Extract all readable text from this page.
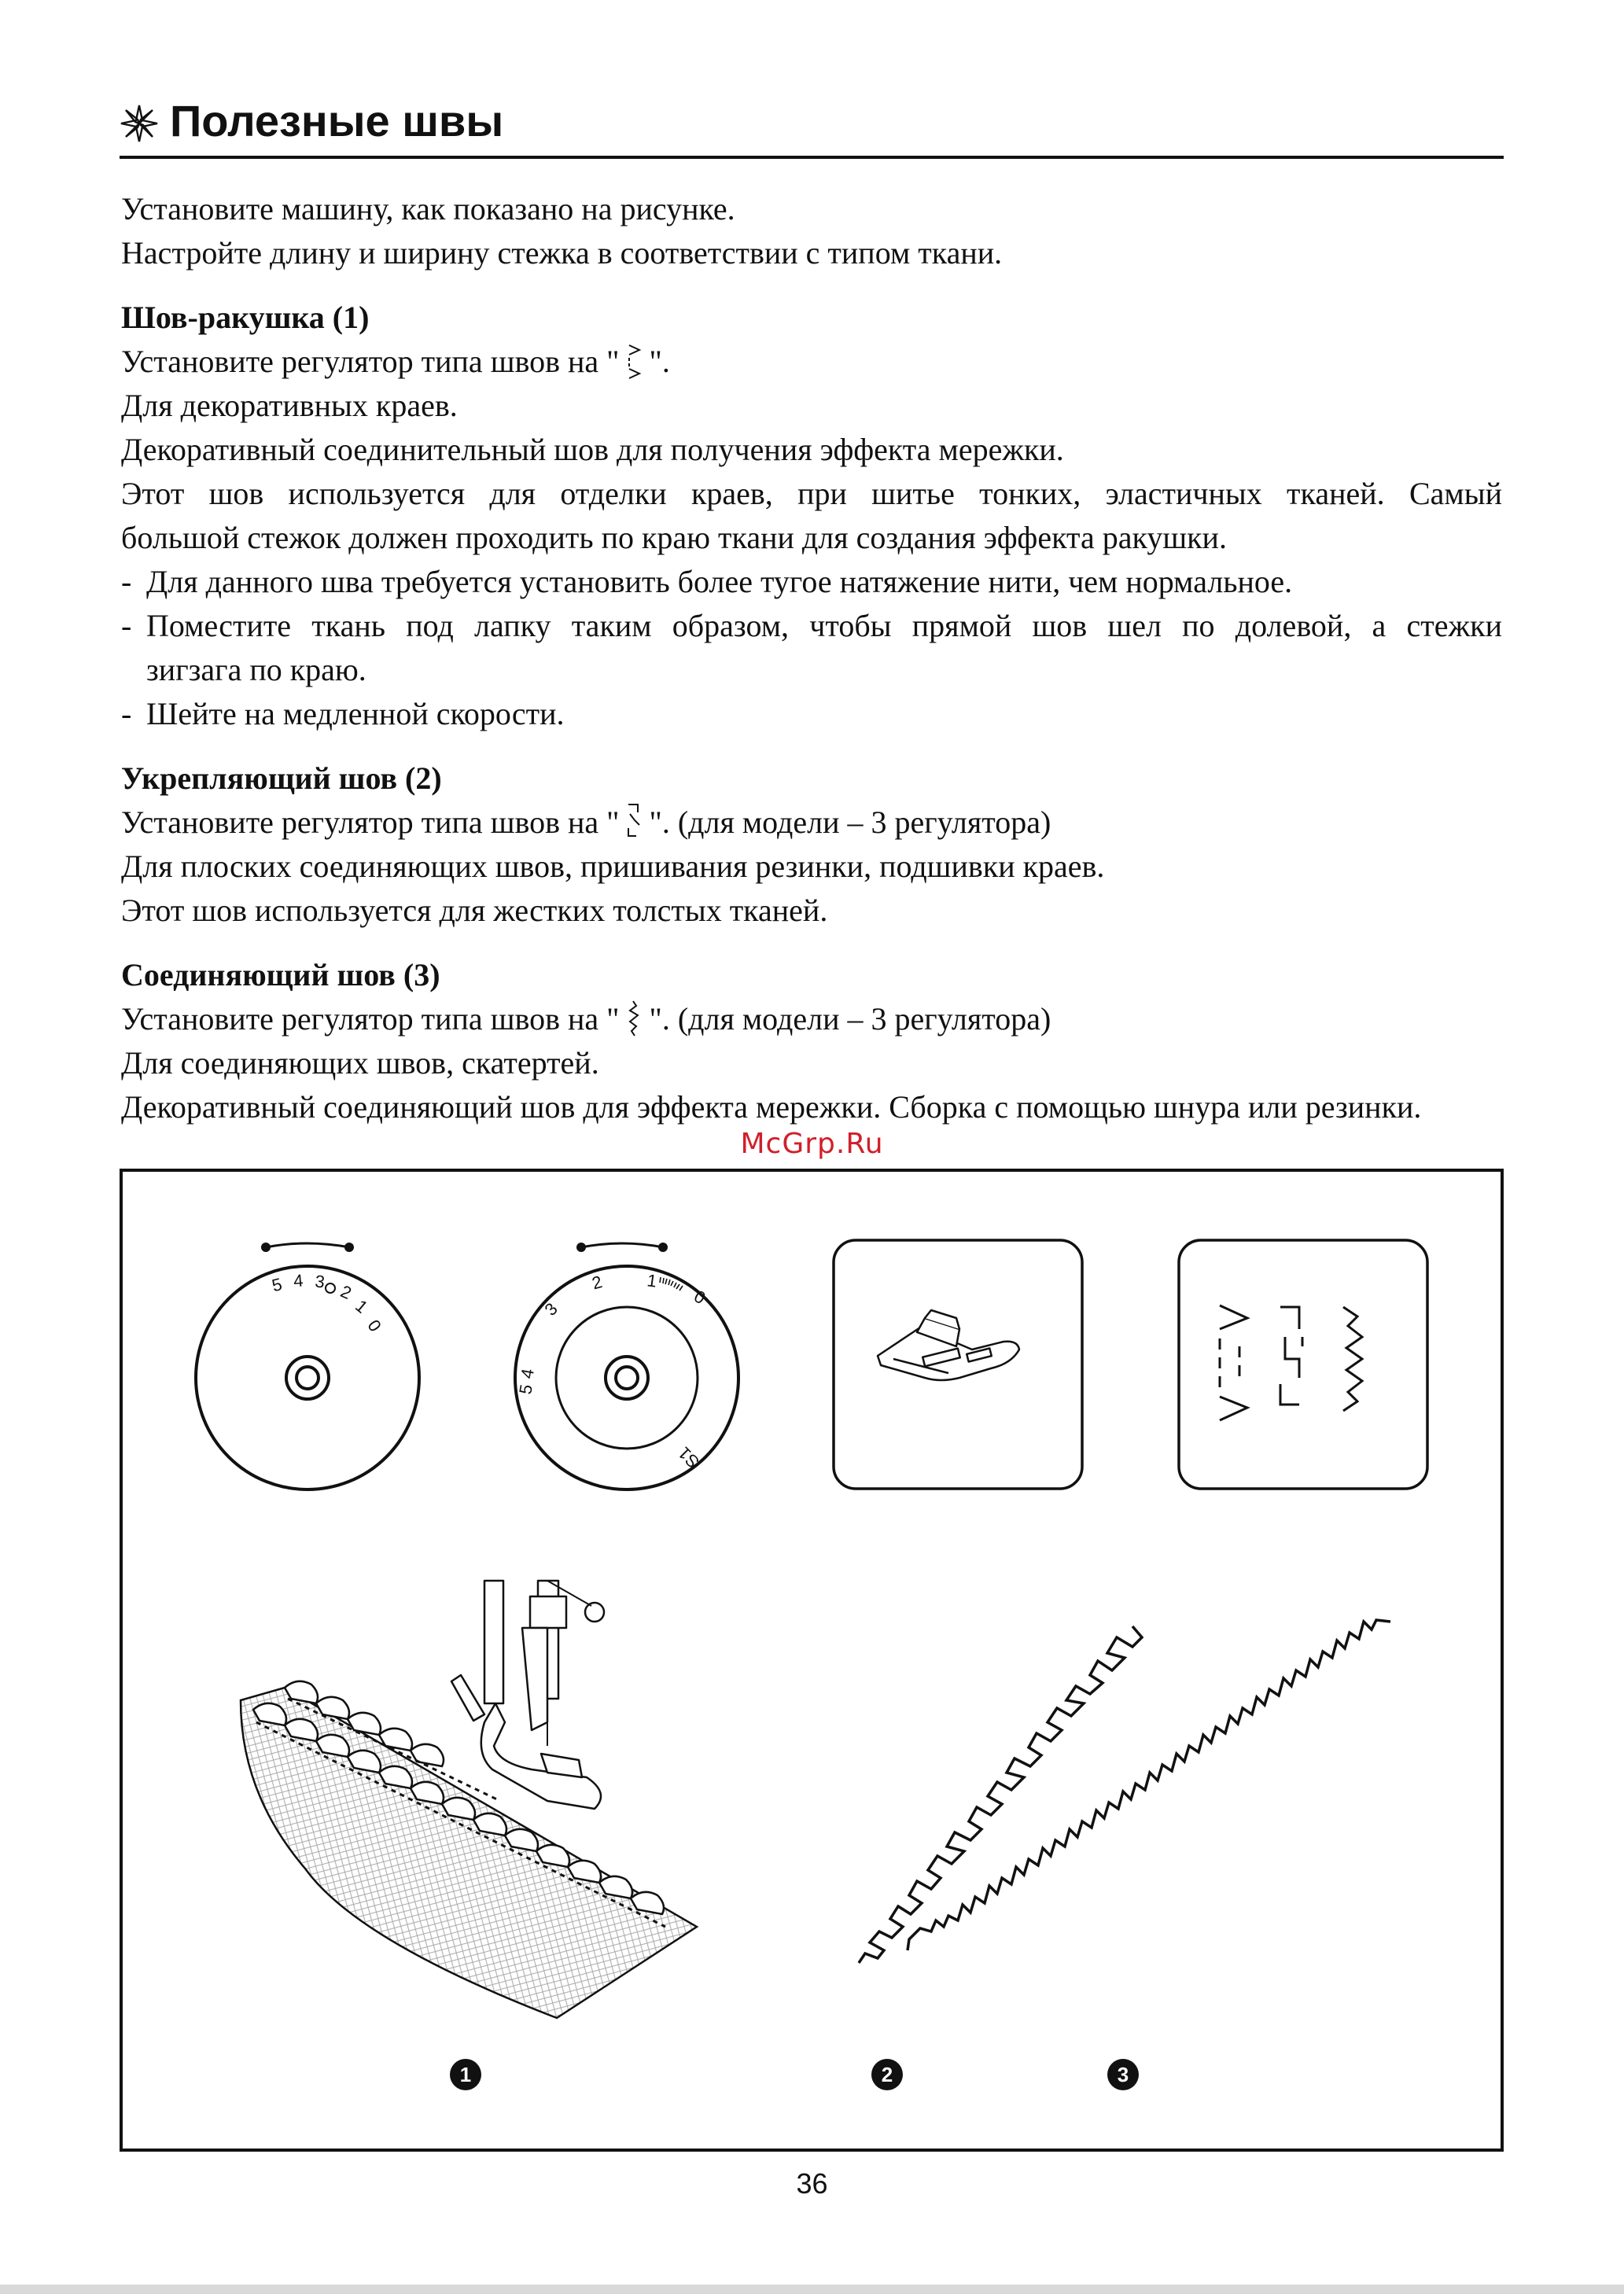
Полезные швы

Установите машину, как показано на рисунке.

Настройте длину и ширину стежка в соответствии с типом ткани.

Шов-ракушка (1)

Установите регулятор типа швов на " ".

Для декоративных краев.

Декоративный соединительный шов для получения эффекта мережки.

Этот шов используется для отделки краев, при шитье тонких, эластичных тканей. Самый

большой стежок должен проходить по краю ткани для создания эффекта ракушки.

- Для данного шва требуется установить более тугое натяжение нити, чем нормальное.

- Поместите ткань под лапку таким образом, чтобы прямой шов шел по долевой, а стежки

зигзага по краю.

- Шейте на медленной скорости.

Укрепляющий шов (2)

Установите регулятор типа швов на " ". (для модели – 3 регулятора)

Для плоских соединяющих швов, пришивания резинки, подшивки краев.

Этот шов используется для жестких толстых тканей.

Соединяющий шов (3)

Установите регулятор типа швов на " ". (для модели – 3 регулятора)

Для соединяющих швов, скатертей.

Декоративный соединяющий шов для эффекта мережки. Сборка с помощью шнура или резинки.

McGrp.Ru
5 4 3 2
1
0
4
3
2 1
0
S1
5
1	2	3
36
